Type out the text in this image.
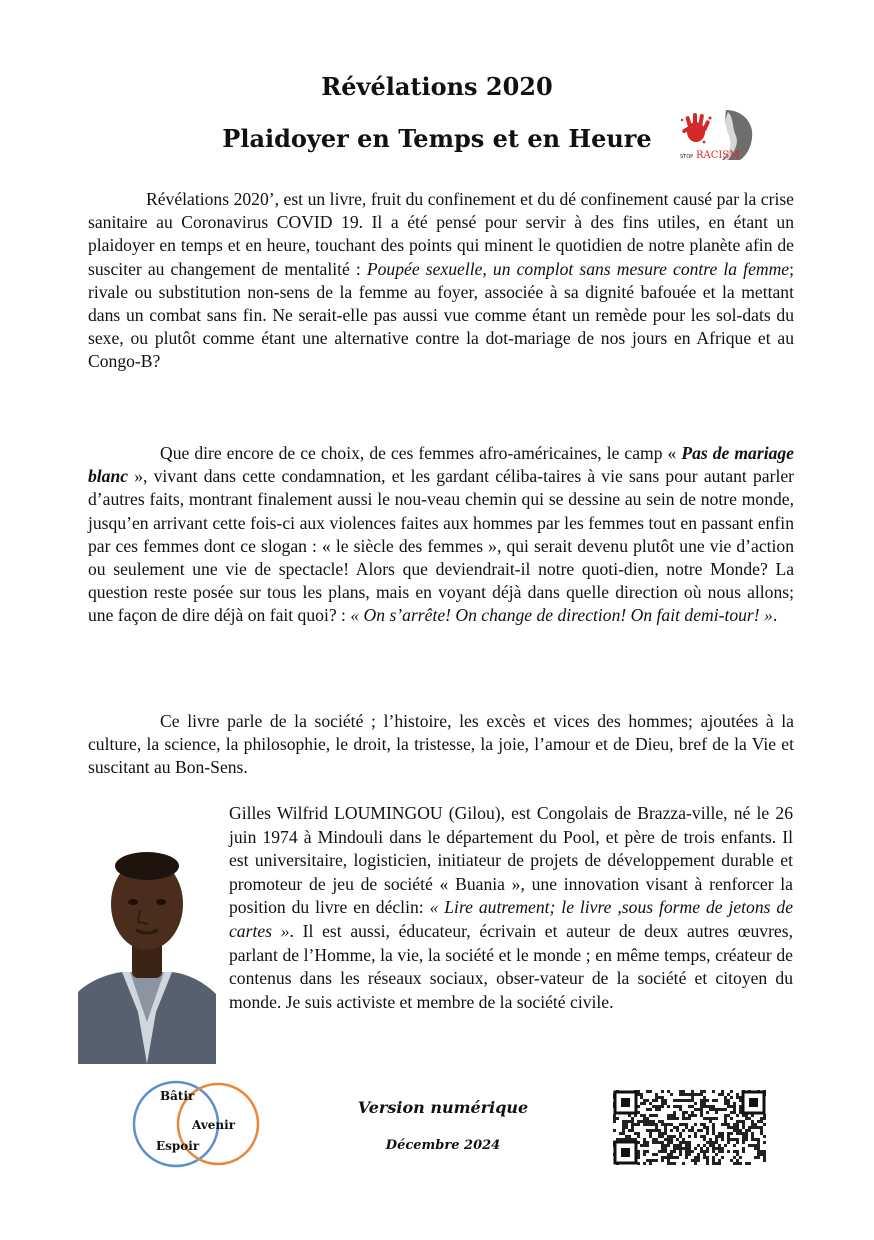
Révélations 2020
Plaidoyer en Temps et en Heure
STOP RACISM

Révélations 2020’, est un livre, fruit du confinement et du dé confinement causé par la crise sanitaire au Coronavirus COVID 19. Il a été pensé pour servir à des fins utiles, en étant un plaidoyer en temps et en heure, touchant des points qui minent le quotidien de notre planète afin de susciter au changement de mentalité : Poupée sexuelle, un complot sans mesure contre la femme; rivale ou substitution non-sens de la femme au foyer, associée à sa dignité bafouée et la mettant dans un combat sans fin. Ne serait-elle pas aussi vue comme étant un remède pour les sol-dats du sexe, ou plutôt comme étant une alternative contre la dot-mariage de nos jours en Afrique et au Congo-B?

Que dire encore de ce choix, de ces femmes afro-américaines, le camp « Pas de mariage blanc », vivant dans cette condamnation, et les gardant céliba-taires à vie sans pour autant parler d’autres faits, montrant finalement aussi le nou-veau chemin qui se dessine au sein de notre monde, jusqu’en arrivant cette fois-ci aux violences faites aux hommes par les femmes tout en passant enfin par ces femmes dont ce slogan : « le siècle des femmes », qui serait devenu plutôt une vie d’action ou seulement une vie de spectacle! Alors que deviendrait-il notre quoti-dien, notre Monde? La question reste posée sur tous les plans, mais en voyant déjà dans quelle direction où nous allons; une façon de dire déjà on fait quoi? : « On s’arrête! On change de direction! On fait demi-tour! ».

Ce livre parle de la société ; l’histoire, les excès et vices des hommes; ajoutées à la culture, la science, la philosophie, le droit, la tristesse, la joie, l’amour et de Dieu, bref de la Vie et suscitant au Bon-Sens.

Gilles Wilfrid LOUMINGOU (Gilou), est Congolais de Brazza-ville, né le 26 juin 1974 à Mindouli dans le département du Pool, et père de trois enfants. Il est universitaire, logisticien, initiateur de projets de développement durable et promoteur de jeu de société « Buania », une innovation visant à renforcer la position du livre en déclin: « Lire autrement; le livre ,sous forme de jetons de cartes ». Il est aussi, éducateur, écrivain et auteur de deux autres œuvres, parlant de l’Homme, la vie, la société et le monde ; en même temps, créateur de contenus dans les réseaux sociaux, obser-vateur de la société et citoyen du monde. Je suis activiste et membre de la société civile.

Bâtir
Avenir
Espoir
Version numérique
Décembre 2024
